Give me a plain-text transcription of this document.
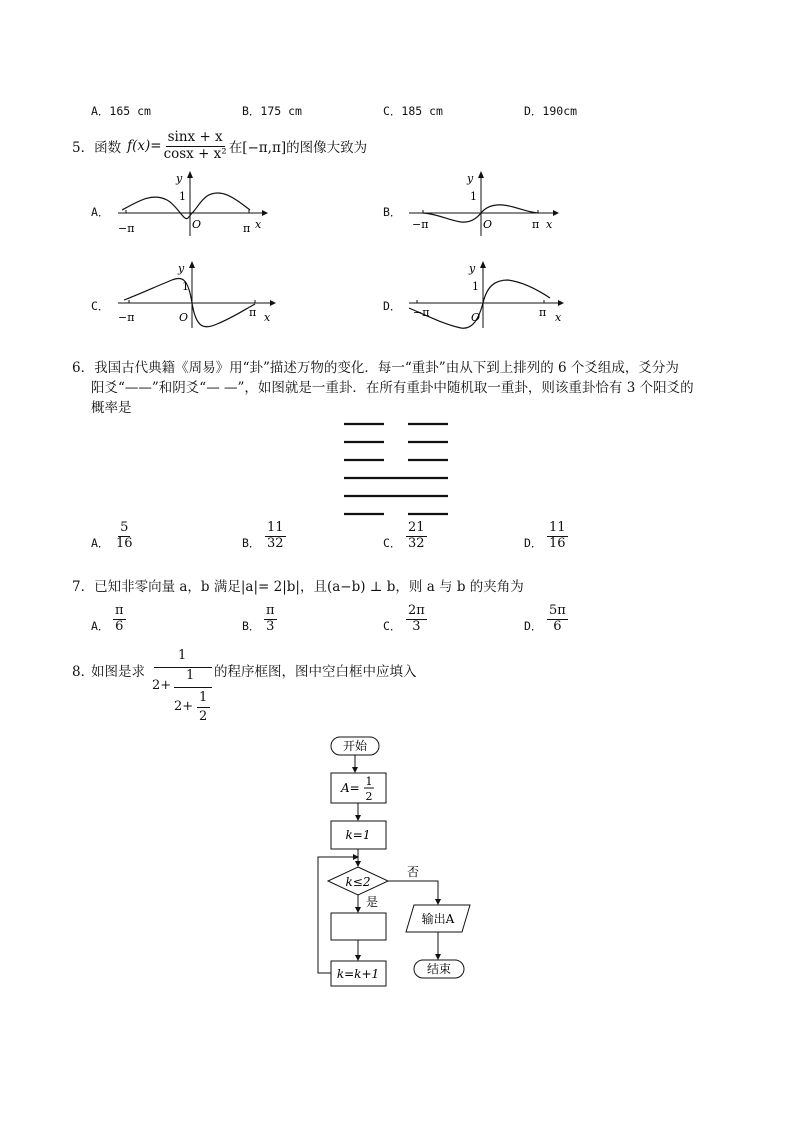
A．165 cm	B．175 cm	C．185 cm	D．190cm
5． 函数 $f(x)= \frac{\sin x + x}{\text{cosx + x²}}$ 在[−π,π]的图像大致为
A．	B．
C．	D．
y
1
O
−π	π x
y
1
O
−π	π x
y
1
O
−π	π x
y
1
O
−π	π x
6．我国古代典籍《周易》用“卦”描述万物的变化．每一“重卦”由从下到上排列的 6 个爻组成，爻分为
阳爻“——”和阴爻“— —”，如图就是一重卦．在所有重卦中随机取一重卦，则该重卦恰有 3 个阳爻的
概率是
A． $\frac{5}{16}$	B． $\frac{11}{32}$	C． $\frac{21}{32}$	D． $\frac{11}{16}$
7．已知非零向量 a，b 满足|a|= 2|b|，且(a−b) ⊥ b，则 a 与 b 的夹角为
A． $\frac{\pi}{6}$	B． $\frac{\pi}{3}$	C． $\frac{2\pi}{3}$	D． $\frac{5\pi}{6}$
8．
如图是求
1
2+
1
2+
1
2
的程序框图，图中空白框中应填入
开始
A= 1
2
k=1
k≤2
否
是
k=k+1
输出A
结束
